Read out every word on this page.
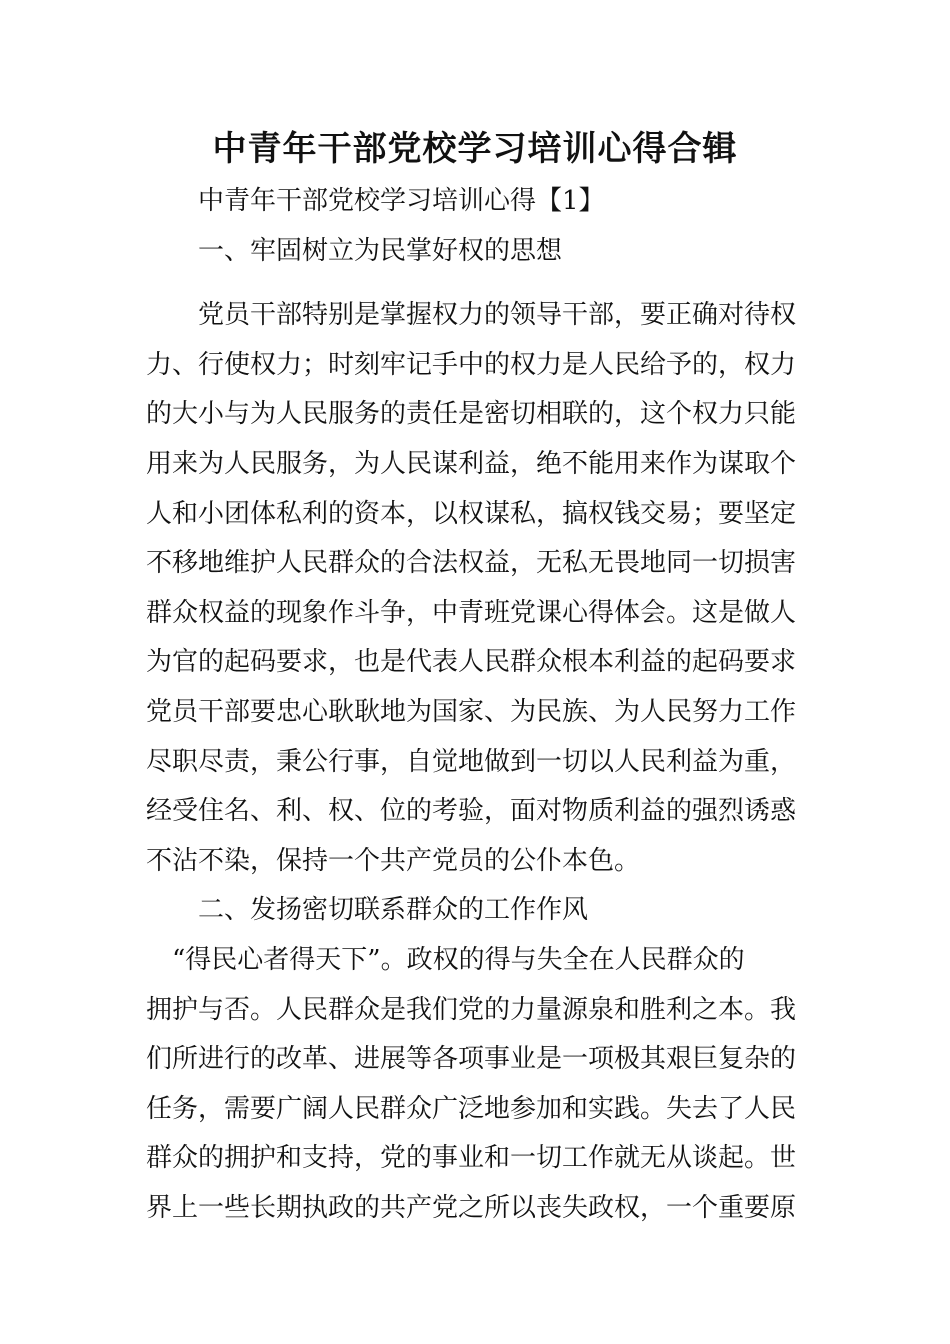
中青年干部党校学习培训心得合辑
中青年干部党校学习培训心得【1】
一、牢固树立为民掌好权的思想
党员干部特别是掌握权力的领导干部，要正确对待权
力、行使权力；时刻牢记手中的权力是人民给予的，权力
的大小与为人民服务的责任是密切相联的，这个权力只能
用来为人民服务，为人民谋利益，绝不能用来作为谋取个
人和小团体私利的资本，以权谋私，搞权钱交易；要坚定
不移地维护人民群众的合法权益，无私无畏地同一切损害
群众权益的现象作斗争，中青班党课心得体会。这是做人
为官的起码要求，也是代表人民群众根本利益的起码要求
党员干部要忠心耿耿地为国家、为民族、为人民努力工作
尽职尽责，秉公行事，自觉地做到一切以人民利益为重，
经受住名、利、权、位的考验，面对物质利益的强烈诱惑
不沾不染，保持一个共产党员的公仆本色。
二、发扬密切联系群众的工作作风
“得民心者得天下”。政权的得与失全在人民群众的
拥护与否。人民群众是我们党的力量源泉和胜利之本。我
们所进行的改革、进展等各项事业是一项极其艰巨复杂的
任务，需要广阔人民群众广泛地参加和实践。失去了人民
群众的拥护和支持，党的事业和一切工作就无从谈起。世
界上一些长期执政的共产党之所以丧失政权，一个重要原
